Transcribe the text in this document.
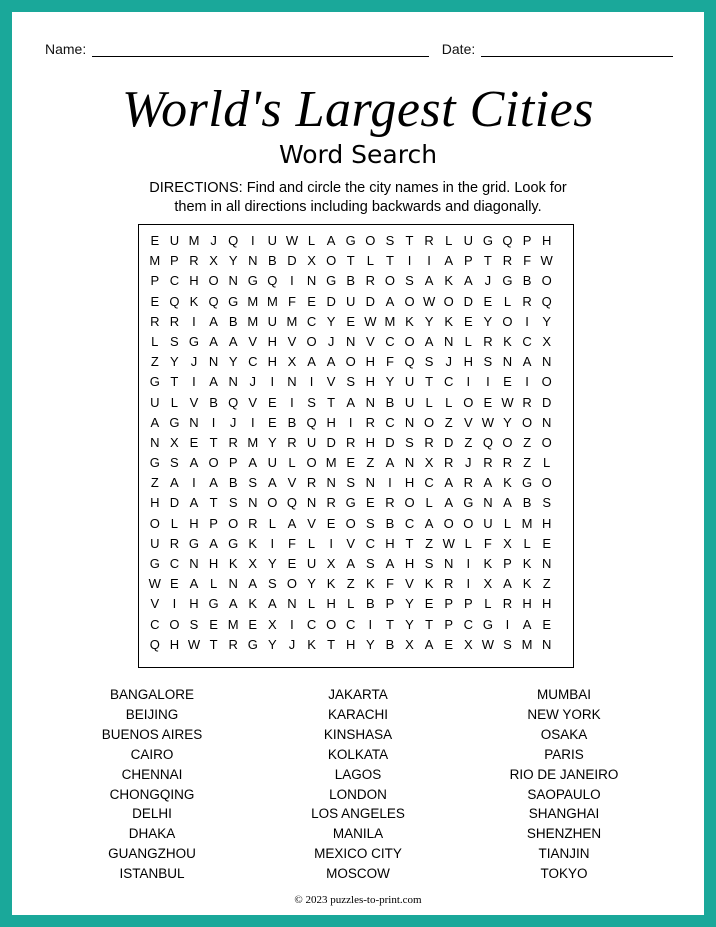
Name:	Date:
World's Largest Cities
Word Search
DIRECTIONS: Find and circle the city names in the grid. Look for
them in all directions including backwards and diagonally.
E U M J Q I	U W L A G O S T R L U G Q P H
M P R X Y N B D X O T L T	I	I	A P T R F W
P C H O N G Q I	N G B R O S A K A J G B O
E Q K Q G M M F E D U D A O W O D E L R Q
R R	I	A B M U M C Y E W M K Y K E Y O I	Y
L S G A A V H V O J N V C O A N L R K C X
Z Y J N Y C H X A A O H F Q S J H S N A N
G T	I	A N J	I	N	I	V S H Y U T C	I	I	E	I O
U L V B Q V E	I	S T A N B U L L O E W R D
A G N	I	J	I	E B Q H	I	R C N O Z V W Y O N
N X E T R M Y R U D R H D S R D Z Q O Z O
G S A O P A U L O M E Z A N X R J R R Z L
Z A	I	A B S A V R N S N	I	H C A R A K G O
H D A T S N O Q N R G E R O L A G N A B S
O L H P O R L A V E O S B C A O O U L M H
U R G A G K	I	F L	I	V C H T Z W L F X L E
G C N H K X Y E U X A S A H S N	I	K P K N
W E A L N A S O Y K Z K F V K R	I	X A K Z
V	I	H G A K A N L H L B P Y E P P L R H H
C O S E M E X	I	C O C	I	T Y T P C G I	A E
Q H W T R G Y J K T H Y B X A E X W S M N
BANGALORE
BEIJING
BUENOS AIRES
CAIRO
CHENNAI
CHONGQING
DELHI
DHAKA
GUANGZHOU
ISTANBUL
JAKARTA
KARACHI
KINSHASA
KOLKATA
LAGOS
LONDON
LOS ANGELES
MANILA
MEXICO CITY
MOSCOW
MUMBAI
NEW YORK
OSAKA
PARIS
RIO DE JANEIRO
SAOPAULO
SHANGHAI
SHENZHEN
TIANJIN
TOKYO
© 2023 puzzles-to-print.com
